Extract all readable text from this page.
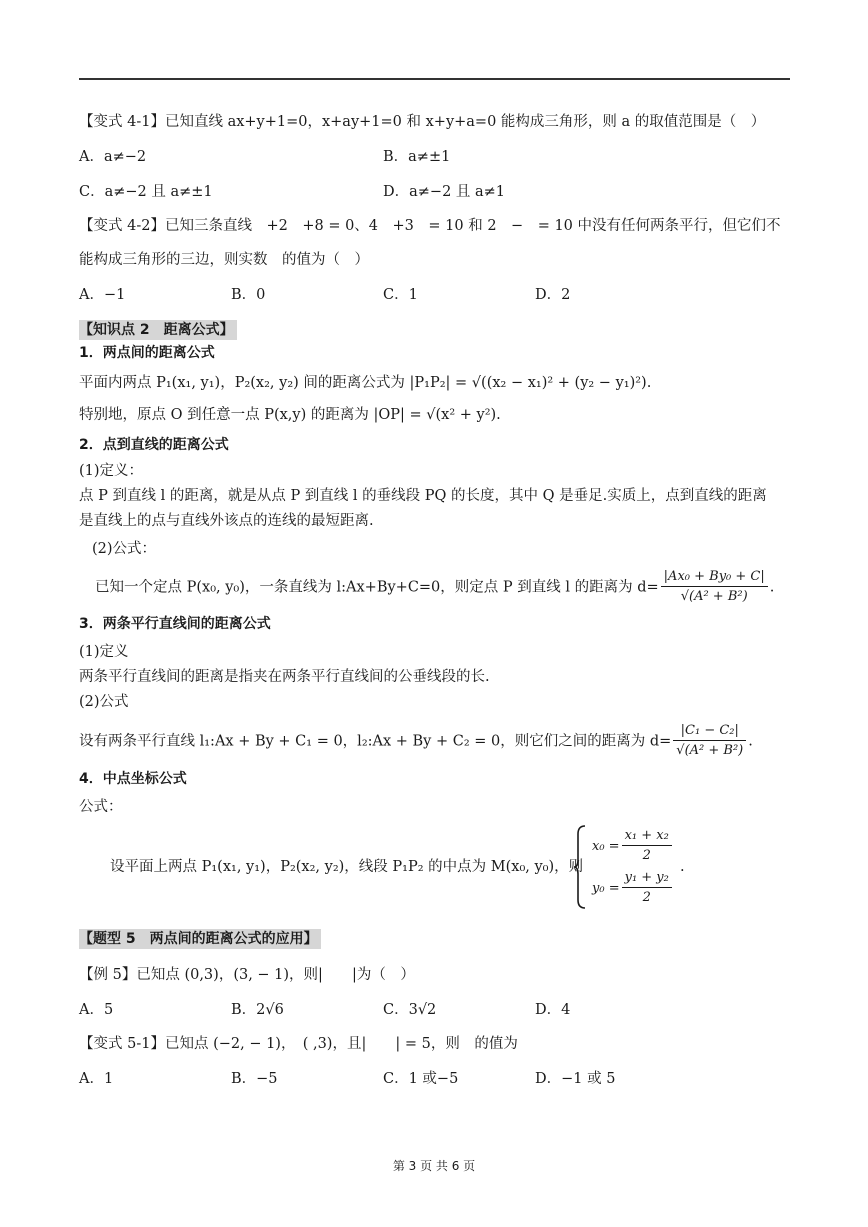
【变式 4-1】已知直线 ax+y+1=0，x+ay+1=0 和 x+y+a=0 能构成三角形，则 a 的取值范围是（　）
A．a≠−2	B．a≠±1
C．a≠−2 且 a≠±1	D．a≠−2 且 a≠1
【变式 4-2】已知三条直线　+2　+8 = 0、4　+3　= 10 和 2　−　= 10 中没有任何两条平行，但它们不
能构成三角形的三边，则实数　的值为（　）
A．−1	B．0	C．1	D．2
【知识点 2　距离公式】
1．两点间的距离公式
平面内两点 P₁(x₁, y₁)，P₂(x₂, y₂) 间的距离公式为 |P₁P₂| = √((x₂ − x₁)² + (y₂ − y₁)²).
特别地，原点 O 到任意一点 P(x,y) 的距离为 |OP| = √(x² + y²).
2．点到直线的距离公式
(1)定义：
点 P 到直线 l 的距离，就是从点 P 到直线 l 的垂线段 PQ 的长度，其中 Q 是垂足.实质上，点到直线的距离
是直线上的点与直线外该点的连线的最短距离.
(2)公式：
已知一个定点 P(x₀, y₀)，一条直线为 l:Ax+By+C=0，则定点 P 到直线 l 的距离为 $d= \frac{\text{|Ax₀ + By₀ + C|}}{\text{√(A² + B²)}}$ .
3．两条平行直线间的距离公式
(1)定义
两条平行直线间的距离是指夹在两条平行直线间的公垂线段的长.
(2)公式
设有两条平行直线 l₁:Ax + By + C₁ = 0，l₂:Ax + By + C₂ = 0，则它们之间的距离为 $d= \frac{\text{|C₁ − C₂|}}{\text{√(A² + B²)}}$ .
4．中点坐标公式
公式：
设平面上两点 P₁(x₁, y₁)，P₂(x₂, y₂)，线段 P₁P₂ 的中点为 M(x₀, y₀)，则
$x_0 = \frac{\text{x₁ + x₂}}{2}$
$y_0 = \frac{\text{y₁ + y₂}}{2}$
.
【题型 5　两点间的距离公式的应用】
【例 5】已知点 (0,3)，(3, − 1)，则|　　|为（　）
A．5	B．2√6	C．3√2	D．4
【变式 5-1】已知点 (−2, − 1)，　( ,3)，且|　　| = 5，则　的值为
A．1	B．−5	C．1 或−5	D．−1 或 5
第 3 页 共 6 页
